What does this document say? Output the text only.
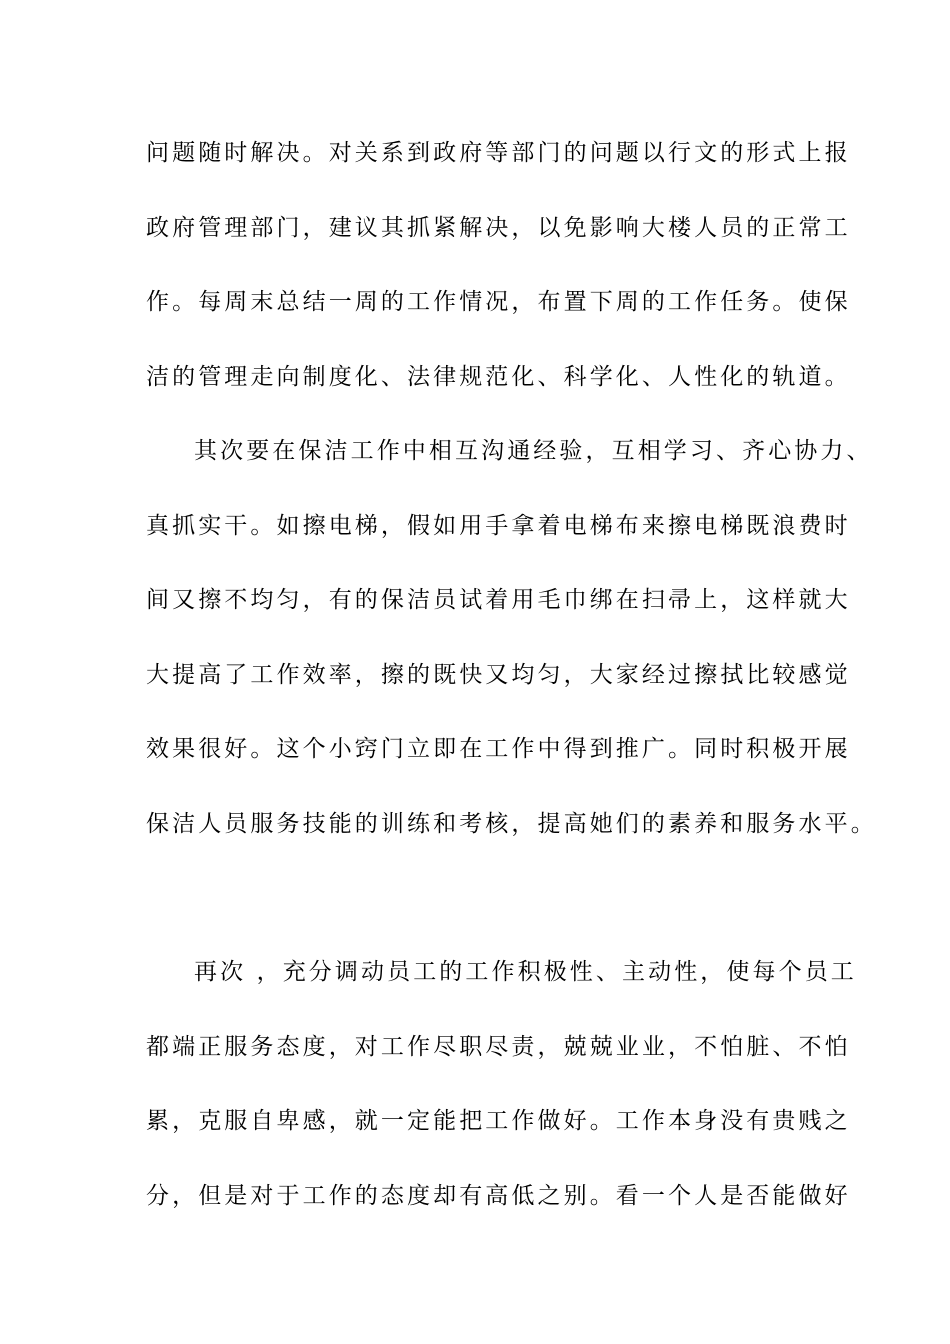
问题随时解决。对关系到政府等部门的问题以行文的形式上报
政府管理部门，建议其抓紧解决，以免影响大楼人员的正常工
作。每周末总结一周的工作情况，布置下周的工作任务。使保
洁的管理走向制度化、法律规范化、科学化、人性化的轨道。
其次要在保洁工作中相互沟通经验，互相学习、齐心协力、
真抓实干。如擦电梯，假如用手拿着电梯布来擦电梯既浪费时
间又擦不均匀，有的保洁员试着用毛巾绑在扫帚上，这样就大
大提高了工作效率，擦的既快又均匀，大家经过擦拭比较感觉
效果很好。这个小窍门立即在工作中得到推广。同时积极开展
保洁人员服务技能的训练和考核，提高她们的素养和服务水平。
再次 ，充分调动员工的工作积极性、主动性，使每个员工
都端正服务态度，对工作尽职尽责，兢兢业业，不怕脏、不怕
累，克服自卑感，就一定能把工作做好。工作本身没有贵贱之
分，但是对于工作的态度却有高低之别。看一个人是否能做好
